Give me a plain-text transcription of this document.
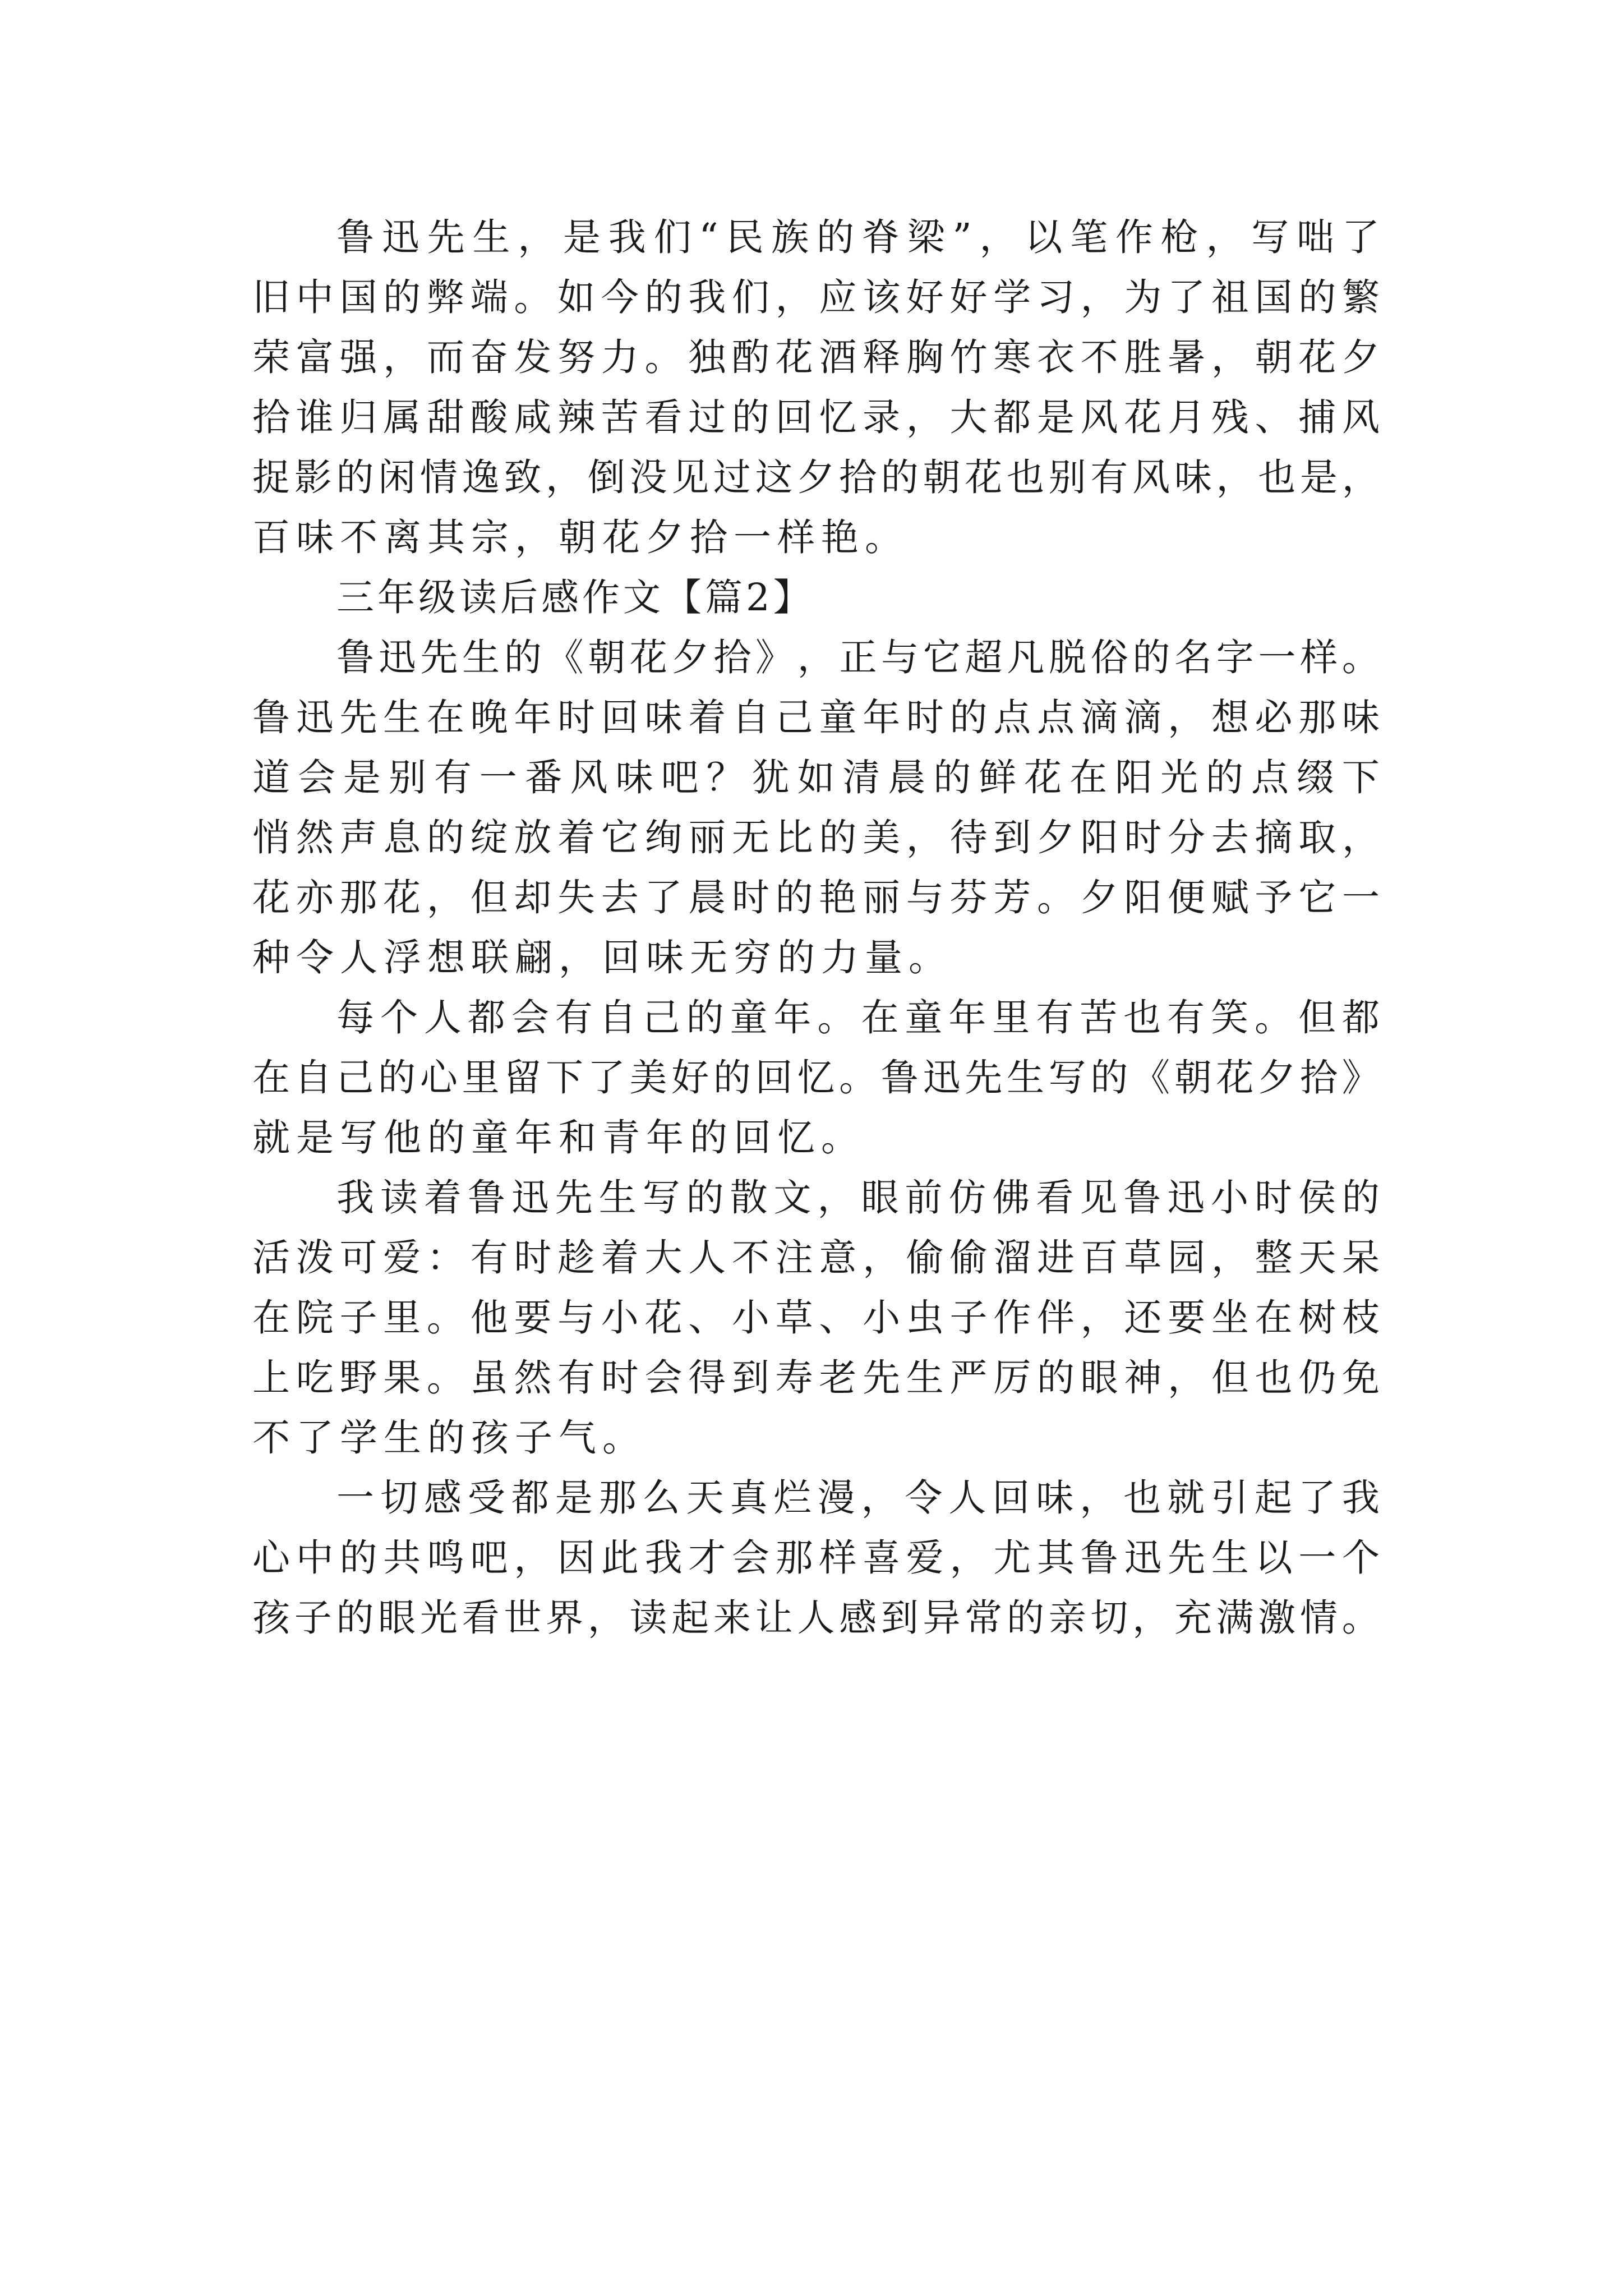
鲁 迅 先 生 ， 是 我 们 “ 民 族 的 脊 梁 ” ， 以 笔 作 枪 ， 写 咄 了
旧 中 国 的 弊 端 。 如 今 的 我 们 ， 应 该 好 好 学 习 ， 为 了 祖 国 的 繁
荣 富 强 ， 而 奋 发 努 力 。 独 酌 花 酒 释 胸 竹 寒 衣 不 胜 暑 ， 朝 花 夕
拾 谁 归 属 甜 酸 咸 辣 苦 看 过 的 回 忆 录 ， 大 都 是 风 花 月 残 、 捕 风
捉 影 的 闲 情 逸 致 ， 倒 没 见 过 这 夕 拾 的 朝 花 也 别 有 风 味 ， 也 是 ，
百味不离其宗，朝花夕拾一样艳。
三年级读后感作文【篇2】
鲁 迅 先 生 的 《 朝 花 夕 拾 》 ， 正 与 它 超 凡 脱 俗 的 名 字 一 样 。
鲁 迅 先 生 在 晚 年 时 回 味 着 自 己 童 年 时 的 点 点 滴 滴 ， 想 必 那 味
道 会 是 别 有 一 番 风 味 吧 ？ 犹 如 清 晨 的 鲜 花 在 阳 光 的 点 缀 下
悄 然 声 息 的 绽 放 着 它 绚 丽 无 比 的 美 ， 待 到 夕 阳 时 分 去 摘 取 ，
花 亦 那 花 ， 但 却 失 去 了 晨 时 的 艳 丽 与 芬 芳 。 夕 阳 便 赋 予 它 一
种令人浮想联翩，回味无穷的力量。
每 个 人 都 会 有 自 己 的 童 年 。 在 童 年 里 有 苦 也 有 笑 。 但 都
在 自 己 的 心 里 留 下 了 美 好 的 回 忆 。 鲁 迅 先 生 写 的 《 朝 花 夕 拾 》
就是写他的童年和青年的回忆。
我 读 着 鲁 迅 先 生 写 的 散 文 ， 眼 前 仿 佛 看 见 鲁 迅 小 时 侯 的
活 泼 可 爱 ： 有 时 趁 着 大 人 不 注 意 ， 偷 偷 溜 进 百 草 园 ， 整 天 呆
在 院 子 里 。 他 要 与 小 花 、 小 草 、 小 虫 子 作 伴 ， 还 要 坐 在 树 枝
上 吃 野 果 。 虽 然 有 时 会 得 到 寿 老 先 生 严 厉 的 眼 神 ， 但 也 仍 免
不了学生的孩子气。
一 切 感 受 都 是 那 么 天 真 烂 漫 ， 令 人 回 味 ， 也 就 引 起 了 我
心 中 的 共 鸣 吧 ， 因 此 我 才 会 那 样 喜 爱 ， 尤 其 鲁 迅 先 生 以 一 个
孩 子 的 眼 光 看 世 界 ， 读 起 来 让 人 感 到 异 常 的 亲 切 ， 充 满 激 情 。
